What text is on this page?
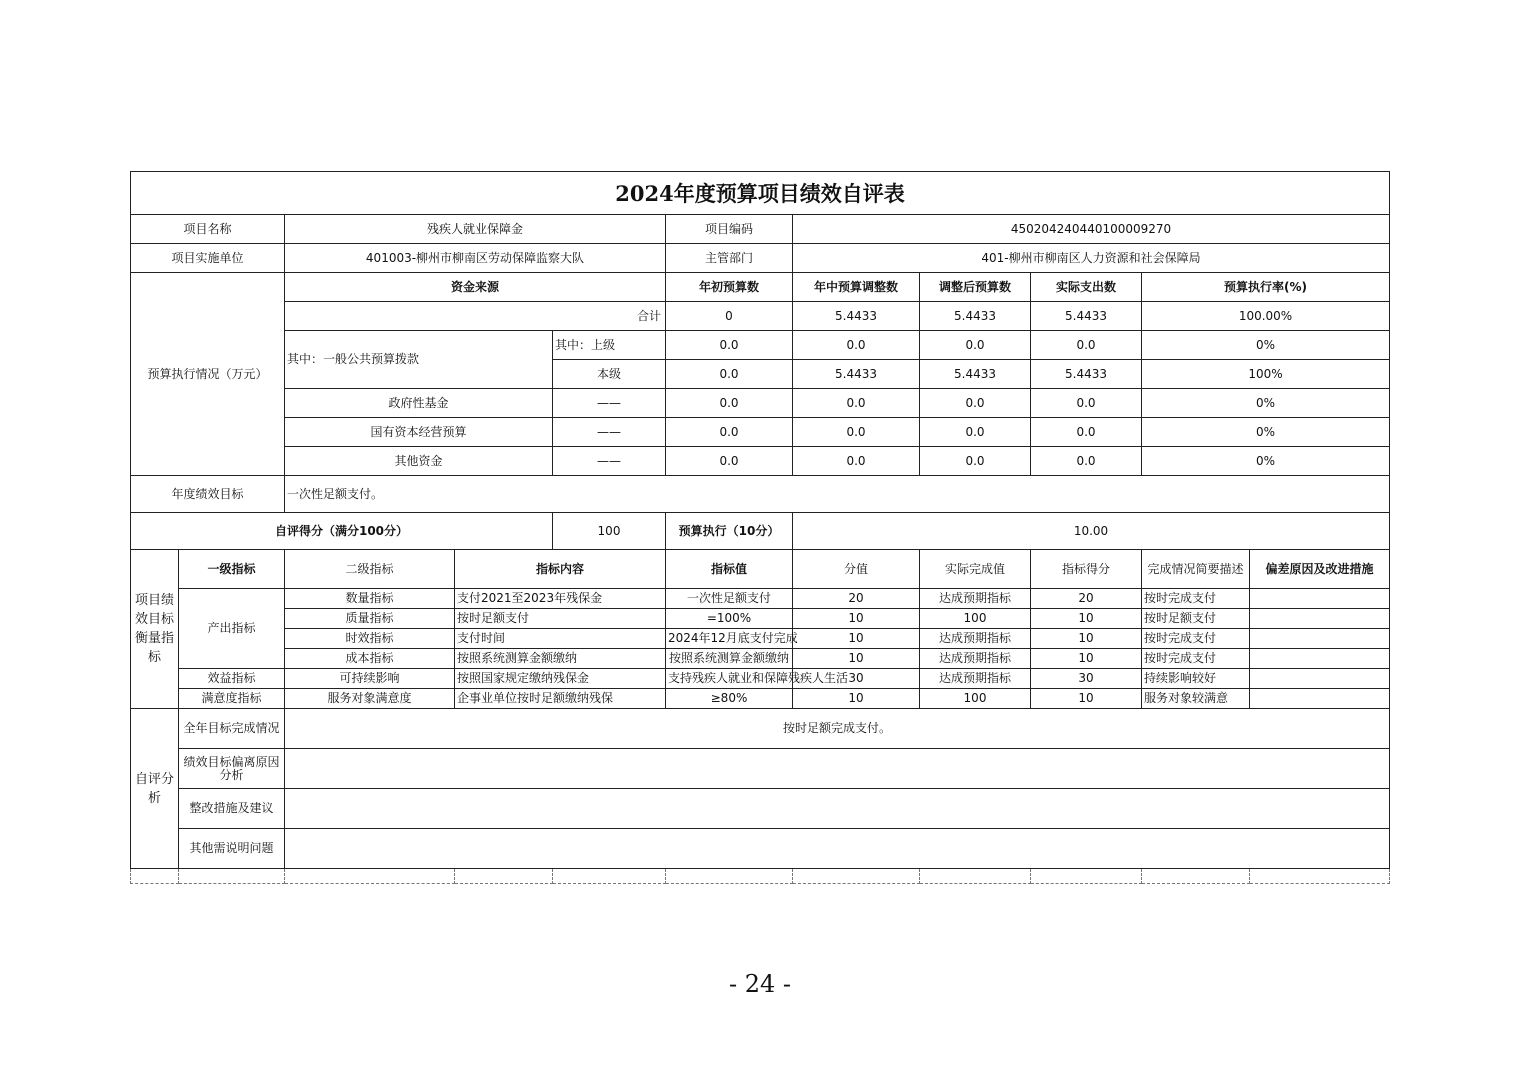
2024年度预算项目绩效自评表										
项目名称		残疾人就业保障金			项目编码	450204240440100009270				
项目实施单位		401003-柳州市柳南区劳动保障监察大队			主管部门	401-柳州市柳南区人力资源和社会保障局				
预算执行情况（万元）		资金来源			年初预算数	年中预算调整数	调整后预算数	实际支出数	预算执行率(%)	
		合计			0	5.4433	5.4433	5.4433	100.00%	
		其中：一般公共预算拨款		其中：上级	0.0	0.0	0.0	0.0	0%	
				本级	0.0	5.4433	5.4433	5.4433	100%	
		政府性基金		——	0.0	0.0	0.0	0.0	0%	
		国有资本经营预算		——	0.0	0.0	0.0	0.0	0%	
		其他资金		——	0.0	0.0	0.0	0.0	0%	
年度绩效目标		一次性足额支付。								
自评得分（满分100分）				100	预算执行（10分）	10.00				
项目绩效目标衡量指标	一级指标	二级指标	指标内容		指标值	分值	实际完成值	指标得分	完成情况简要描述	偏差原因及改进措施
	产出指标	数量指标	支付2021至2023年残保金		一次性足额支付	20	达成预期指标	20	按时完成支付	
		质量指标	按时足额支付		=100%	10	100	10	按时足额支付	
		时效指标	支付时间		2024年12月底支付完成	10	达成预期指标	10	按时完成支付	
		成本指标	按照系统测算金额缴纳		按照系统测算金额缴纳	10	达成预期指标	10	按时完成支付	
	效益指标	可持续影响	按照国家规定缴纳残保金		支持残疾人就业和保障残疾人生活	30	达成预期指标	30	持续影响较好	
	满意度指标	服务对象满意度	企事业单位按时足额缴纳残保		≥80%	10	100	10	服务对象较满意	
自评分析	全年目标完成情况	按时足额完成支付。								
	绩效目标偏离原因分析									
	整改措施及建议									
	其他需说明问题									

- 24 -
